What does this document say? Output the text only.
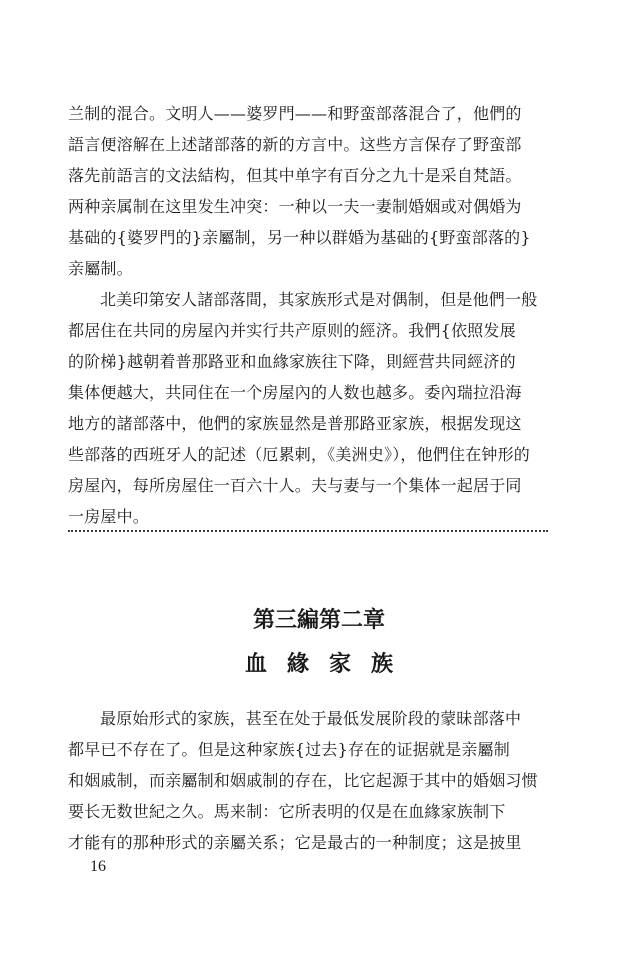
兰制的混合。文明人——婆罗門——和野蛮部落混合了，他們的
語言便溶解在上述諸部落的新的方言中。这些方言保存了野蛮部
落先前語言的文法結构，但其中单字有百分之九十是采自梵語。
两种亲属制在这里发生冲突：一种以一夫一妻制婚姻或对偶婚为
基础的{婆罗門的}亲屬制，另一种以群婚为基础的{野蛮部落的}
亲屬制。
北美印第安人諸部落間，其家族形式是对偶制，但是他們一般
都居住在共同的房屋內并实行共产原则的經济。我們{依照发展
的阶梯}越朝着普那路亚和血緣家族往下降，則經营共同經济的
集体便越大，共同住在一个房屋內的人数也越多。委內瑞拉沿海
地方的諸部落中，他們的家族显然是普那路亚家族，根据发现这
些部落的西班牙人的記述（厄累剌，《美洲史》），他們住在钟形的
房屋內，每所房屋住一百六十人。夫与妻与一个集体一起居于同
一房屋中。
第三編第二章
血緣家族
最原始形式的家族，甚至在处于最低发展阶段的蒙昧部落中
都早已不存在了。但是这种家族{过去}存在的证据就是亲屬制
和姻戚制，而亲屬制和姻戚制的存在，比它起源于其中的婚姻习惯
要长无数世紀之久。馬来制：它所表明的仅是在血緣家族制下
才能有的那种形式的亲屬关系；它是最古的一种制度；这是披里
16
